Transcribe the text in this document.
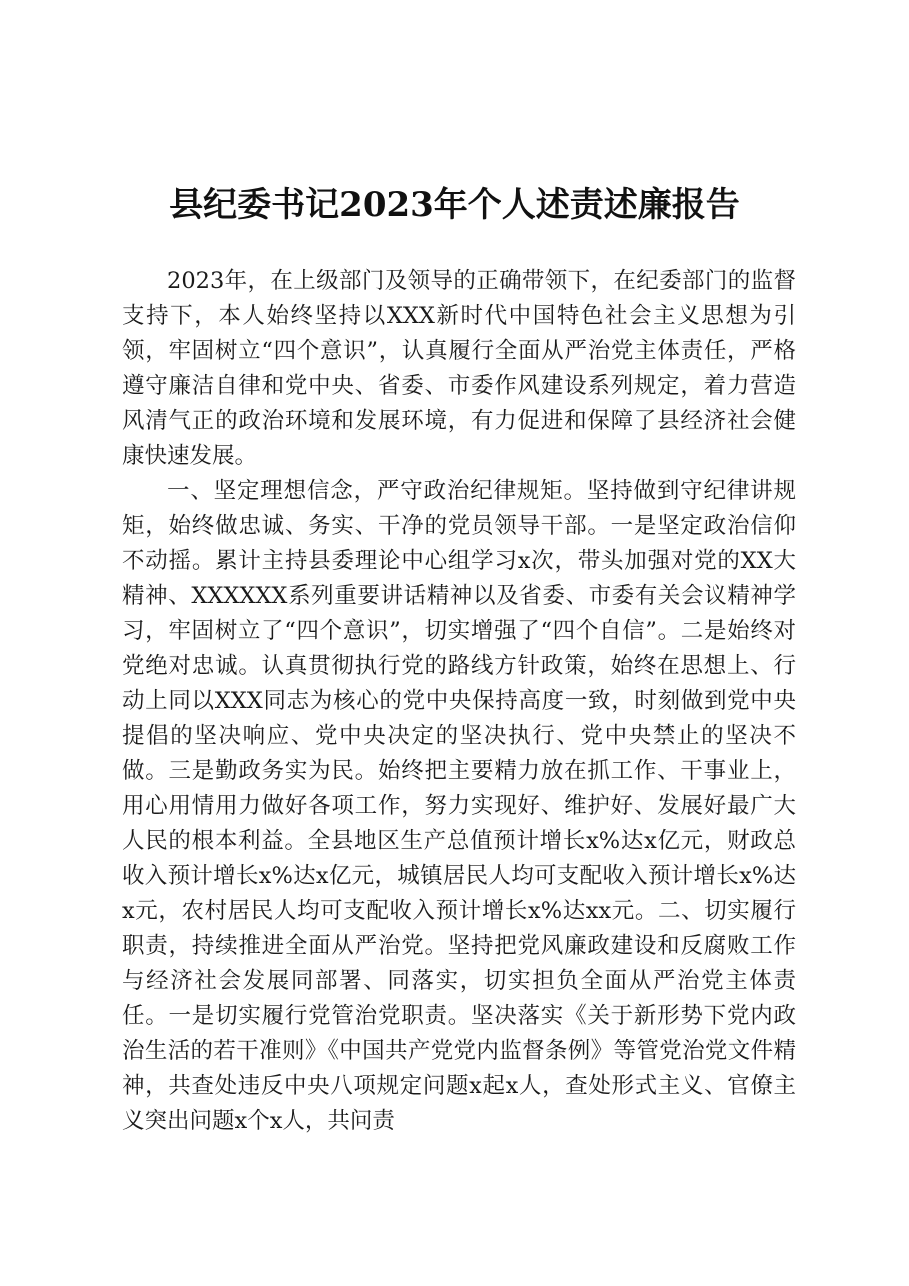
县纪委书记2023年个人述责述廉报告

2023年，在上级部门及领导的正确带领下，在纪委部门的监督支持下，本人始终坚持以XXX新时代中国特色社会主义思想为引领，牢固树立“四个意识”，认真履行全面从严治党主体责任，严格遵守廉洁自律和党中央、省委、市委作风建设系列规定，着力营造风清气正的政治环境和发展环境，有力促进和保障了县经济社会健康快速发展。

一、坚定理想信念，严守政治纪律规矩。坚持做到守纪律讲规矩，始终做忠诚、务实、干净的党员领导干部。一是坚定政治信仰不动摇。累计主持县委理论中心组学习x次，带头加强对党的XX大精神、XXXXXX系列重要讲话精神以及省委、市委有关会议精神学习，牢固树立了“四个意识”，切实增强了“四个自信”。二是始终对党绝对忠诚。认真贯彻执行党的路线方针政策，始终在思想上、行动上同以XXX同志为核心的党中央保持高度一致，时刻做到党中央提倡的坚决响应、党中央决定的坚决执行、党中央禁止的坚决不做。三是勤政务实为民。始终把主要精力放在抓工作、干事业上，用心用情用力做好各项工作，努力实现好、维护好、发展好最广大人民的根本利益。全县地区生产总值预计增长x%达x亿元，财政总收入预计增长x%达x亿元，城镇居民人均可支配收入预计增长x%达x元，农村居民人均可支配收入预计增长x%达xx元。二、切实履行职责，持续推进全面从严治党。坚持把党风廉政建设和反腐败工作与经济社会发展同部署、同落实，切实担负全面从严治党主体责任。一是切实履行党管治党职责。坚决落实《关于新形势下党内政治生活的若干准则》《中国共产党党内监督条例》等管党治党文件精神，共查处违反中央八项规定问题x起x人，查处形式主义、官僚主义突出问题x个x人，共问责
